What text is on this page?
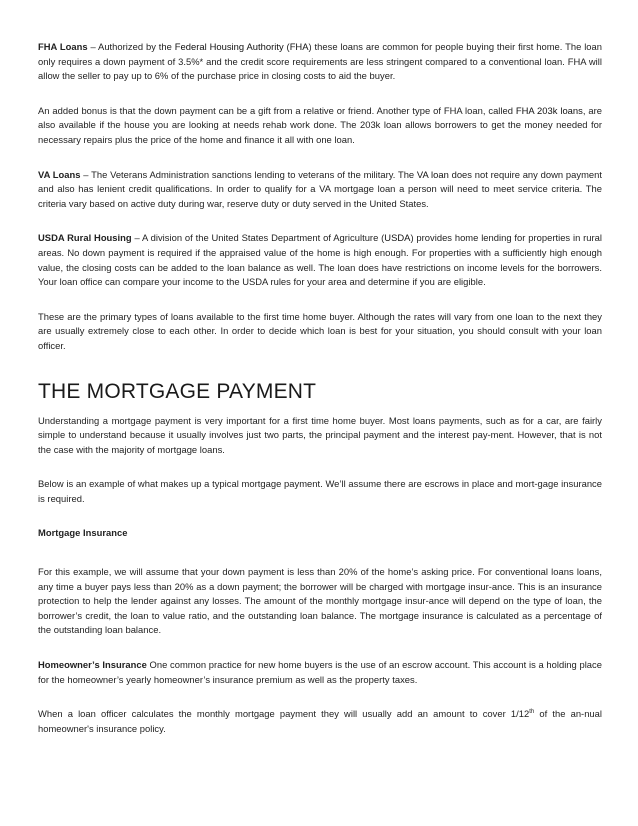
FHA Loans – Authorized by the Federal Housing Authority (FHA) these loans are common for people buying their first home. The loan only requires a down payment of 3.5%* and the credit score requirements are less stringent compared to a conventional loan. FHA will allow the seller to pay up to 6% of the purchase price in closing costs to aid the buyer.

An added bonus is that the down payment can be a gift from a relative or friend. Another type of FHA loan, called FHA 203k loans, are also available if the house you are looking at needs rehab work done. The 203k loan allows borrowers to get the money needed for necessary repairs plus the price of the home and finance it all with one loan.

VA Loans – The Veterans Administration sanctions lending to veterans of the military. The VA loan does not require any down payment and also has lenient credit qualifications. In order to qualify for a VA mortgage loan a person will need to meet service criteria. The criteria vary based on active duty during war, reserve duty or duty served in the United States.

USDA Rural Housing – A division of the United States Department of Agriculture (USDA) provides home lending for properties in rural areas. No down payment is required if the appraised value of the home is high enough. For properties with a sufficiently high enough value, the closing costs can be added to the loan balance as well. The loan does have restrictions on income levels for the borrowers. Your loan office can compare your income to the USDA rules for your area and determine if you are eligible.

These are the primary types of loans available to the first time home buyer. Although the rates will vary from one loan to the next they are usually extremely close to each other. In order to decide which loan is best for your situation, you should consult with your loan officer.

THE MORTGAGE PAYMENT

Understanding a mortgage payment is very important for a first time home buyer. Most loans payments, such as for a car, are fairly simple to understand because it usually involves just two parts, the principal payment and the interest pay-ment. However, that is not the case with the majority of mortgage loans.

Below is an example of what makes up a typical mortgage payment. We’ll assume there are escrows in place and mort-gage insurance is required.

Mortgage Insurance

For this example, we will assume that your down payment is less than 20% of the home’s asking price. For conventional loans loans, any time a buyer pays less than 20% as a down payment; the borrower will be charged with mortgage insur-ance. This is an insurance protection to help the lender against any losses. The amount of the monthly mortgage insur-ance will depend on the type of loan, the borrower’s credit, the loan to value ratio, and the outstanding loan balance. The mortgage insurance is calculated as a percentage of the outstanding loan balance.

Homeowner’s Insurance One common practice for new home buyers is the use of an escrow account. This account is a holding place for the homeowner’s yearly homeowner’s insurance premium as well as the property taxes.

When a loan officer calculates the monthly mortgage payment they will usually add an amount to cover 1/12th of the an-nual homeowner's insurance policy.
